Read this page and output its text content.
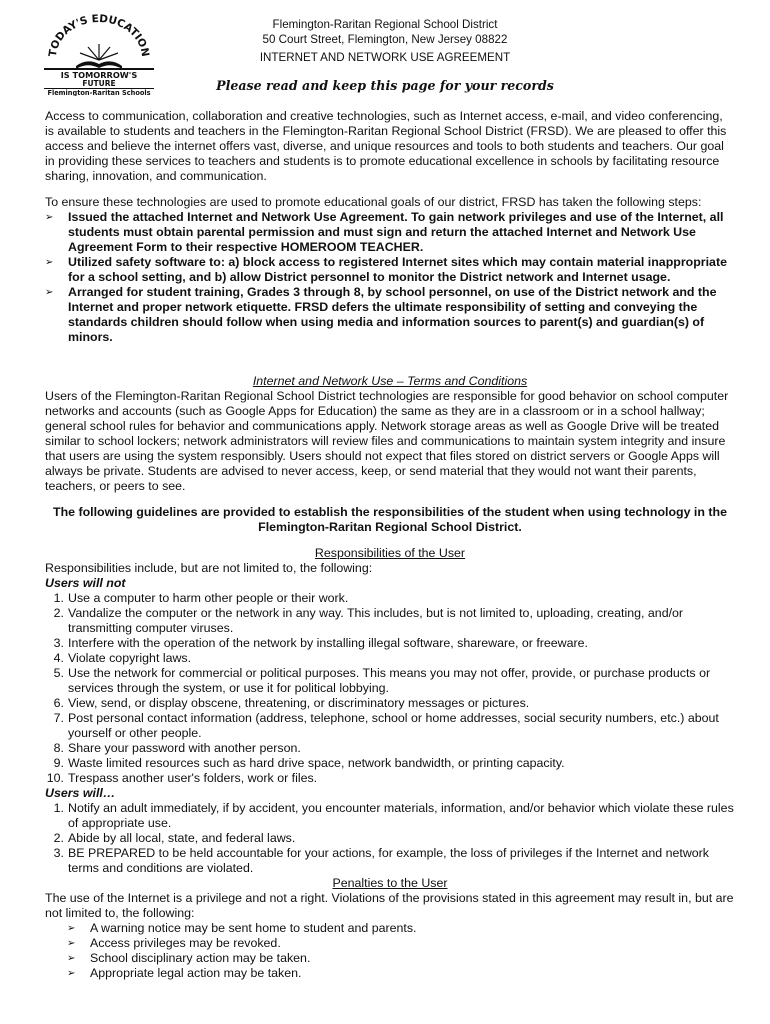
TODAY'S EDUCATION
IS TOMORROW'S
FUTURE
Flemington-Raritan Schools
Flemington-Raritan Regional School District
50 Court Street, Flemington, New Jersey 08822
INTERNET AND NETWORK USE AGREEMENT
Please read and keep this page for your records

Access to communication, collaboration and creative technologies, such as Internet access, e-mail, and video conferencing, is available to students and teachers in the Flemington-Raritan Regional School District (FRSD). We are pleased to offer this access and believe the internet offers vast, diverse, and unique resources and tools to both students and teachers. Our goal in providing these services to teachers and students is to promote educational excellence in schools by facilitating resource sharing, innovation, and communication.

To ensure these technologies are used to promote educational goals of our district, FRSD has taken the following steps:

➢ Issued the attached Internet and Network Use Agreement. To gain network privileges and use of the Internet, all students must obtain parental permission and must sign and return the attached Internet and Network Use Agreement Form to their respective HOMEROOM TEACHER.
➢ Utilized safety software to: a) block access to registered Internet sites which may contain material inappropriate for a school setting, and b) allow District personnel to monitor the District network and Internet usage.
➢ Arranged for student training, Grades 3 through 8, by school personnel, on use of the District network and the Internet and proper network etiquette. FRSD defers the ultimate responsibility of setting and conveying the standards children should follow when using media and information sources to parent(s) and guardian(s) of minors.

Internet and Network Use – Terms and Conditions

Users of the Flemington-Raritan Regional School District technologies are responsible for good behavior on school computer networks and accounts (such as Google Apps for Education) the same as they are in a classroom or in a school hallway; general school rules for behavior and communications apply. Network storage areas as well as Google Drive will be treated similar to school lockers; network administrators will review files and communications to maintain system integrity and insure that users are using the system responsibly. Users should not expect that files stored on district servers or Google Apps will always be private. Students are advised to never access, keep, or send material that they would not want their parents, teachers, or peers to see.

The following guidelines are provided to establish the responsibilities of the student when using technology in the Flemington-Raritan Regional School District.

Responsibilities of the User

Responsibilities include, but are not limited to, the following:

Users will not

1. Use a computer to harm other people or their work.
2. Vandalize the computer or the network in any way. This includes, but is not limited to, uploading, creating, and/or transmitting computer viruses.
3. Interfere with the operation of the network by installing illegal software, shareware, or freeware.
4. Violate copyright laws.
5. Use the network for commercial or political purposes. This means you may not offer, provide, or purchase products or services through the system, or use it for political lobbying.
6. View, send, or display obscene, threatening, or discriminatory messages or pictures.
7. Post personal contact information (address, telephone, school or home addresses, social security numbers, etc.) about yourself or other people.
8. Share your password with another person.
9. Waste limited resources such as hard drive space, network bandwidth, or printing capacity.
10. Trespass another user's folders, work or files.

Users will…

1. Notify an adult immediately, if by accident, you encounter materials, information, and/or behavior which violate these rules of appropriate use.
2. Abide by all local, state, and federal laws.
3. BE PREPARED to be held accountable for your actions, for example, the loss of privileges if the Internet and network terms and conditions are violated.

Penalties to the User

The use of the Internet is a privilege and not a right. Violations of the provisions stated in this agreement may result in, but are not limited to, the following:

➢ A warning notice may be sent home to student and parents.
➢ Access privileges may be revoked.
➢ School disciplinary action may be taken.
➢ Appropriate legal action may be taken.
